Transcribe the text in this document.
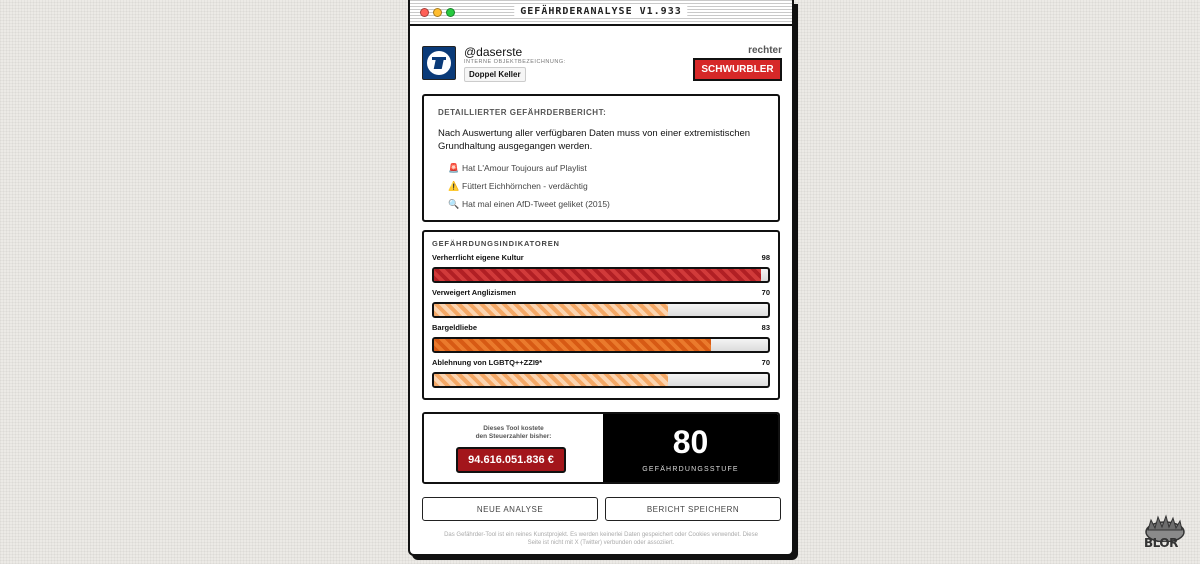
GEFÄHRDERANALYSE V1.933
@daserste
INTERNE OBJEKTBEZEICHNUNG:
Doppel Keller
rechter
SCHWURBLER
DETAILLIERTER GEFÄHRDERBERICHT:
Nach Auswertung aller verfügbaren Daten muss von einer extremistischen Grundhaltung ausgegangen werden.
🚨 Hat L'Amour Toujours auf Playlist
⚠️ Füttert Eichhörnchen - verdächtig
🔍 Hat mal einen AfD-Tweet geliket (2015)
GEFÄHRDUNGSINDIKATOREN
Verherrlicht eigene Kultur	98
Verweigert Anglizismen	70
Bargeldliebe	83
Ablehnung von LGBTQ++ZZI9*	70
Dieses Tool kostete
den Steuerzahler bisher:
94.616.051.836 €	80
GEFÄHRDUNGSSTUFE
NEUE ANALYSE	BERICHT SPEICHERN
Das Gefährder-Tool ist ein reines Kunstprojekt. Es werden keinerlei Daten gespeichert oder Cookies verwendet. Diese
Seite ist nicht mit X (Twitter) verbunden oder assoziiert.	BLOR
